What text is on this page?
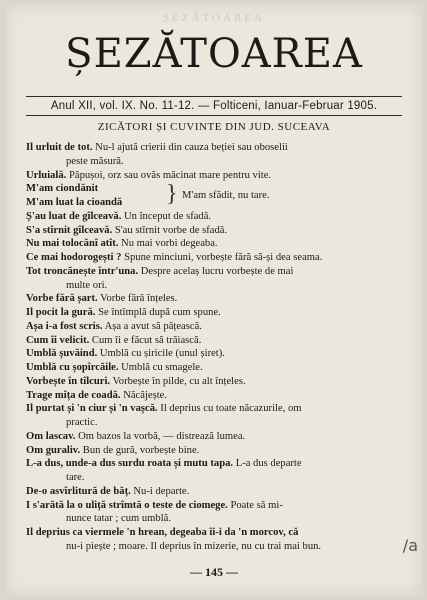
ȘEZĂTOAREA
ȘEZĂTOAREA
Anul XII, vol. IX. No. 11-12. — Folticeni, Ianuar-Februar 1905.
ZICĂTORI ȘI CUVINTE DIN JUD. SUCEAVA

Il urluit de tot. Nu-l ajută crierii din cauza beției sau oboselii
peste măsură.

Urluială. Păpușoi, orz sau ovăs măcinat mare pentru vite.

M'am ciondănit
M'am luat la cioandă } M'am sfădit, nu tare.

Ș'au luat de gîlceavă. Un început de sfadă.

S'a stîrnit gîlceavă. S'au stîrnit vorbe de sfadă.

Nu mai tolocănî atît. Nu mai vorbi degeaba.

Ce mai hodorogești ? Spune minciuni, vorbește fără să-și dea seama.

Tot troncănește într'una. Despre acelaș lucru vorbește de mai
multe ori.

Vorbe fără șart. Vorbe fără înțeles.

Il pocit la gură. Se întîmplă după cum spune.

Așa i-a fost scris. Așa a avut să pățească.

Cum îi velicit. Cum îi e făcut să trăiască.

Umblă șuvăind. Umblă cu șiricile (unul șiret).

Umblă cu șopîrcăile. Umblă cu smagele.

Vorbește în tîlcuri. Vorbește în pilde, cu alt înțeles.

Trage mîța de coadă. Năcăjește.

Il purtat și 'n ciur și 'n vașcă. Il deprius cu toate năcazurile, om
practic.

Om lascav. Om bazos la vorbă, — distrează lumea.

Om guraliv. Bun de gură, vorbește bine.

L-a dus, unde-a dus surdu roata și mutu tapa. L-a dus departe
tare.

De-o asvîrlitură de băț. Nu-i departe.

I s'arătă la o uliță strîmtă o teste de ciomege. Poate să mi-
nunce tatar ; cum umblă.

Il deprius ca viermele 'n hrean, degeaba îi-i da 'n morcov, că
nu-i piește ; moare. Il deprius în mizerie, nu cu trai mai bun.

— 145 —
/a
